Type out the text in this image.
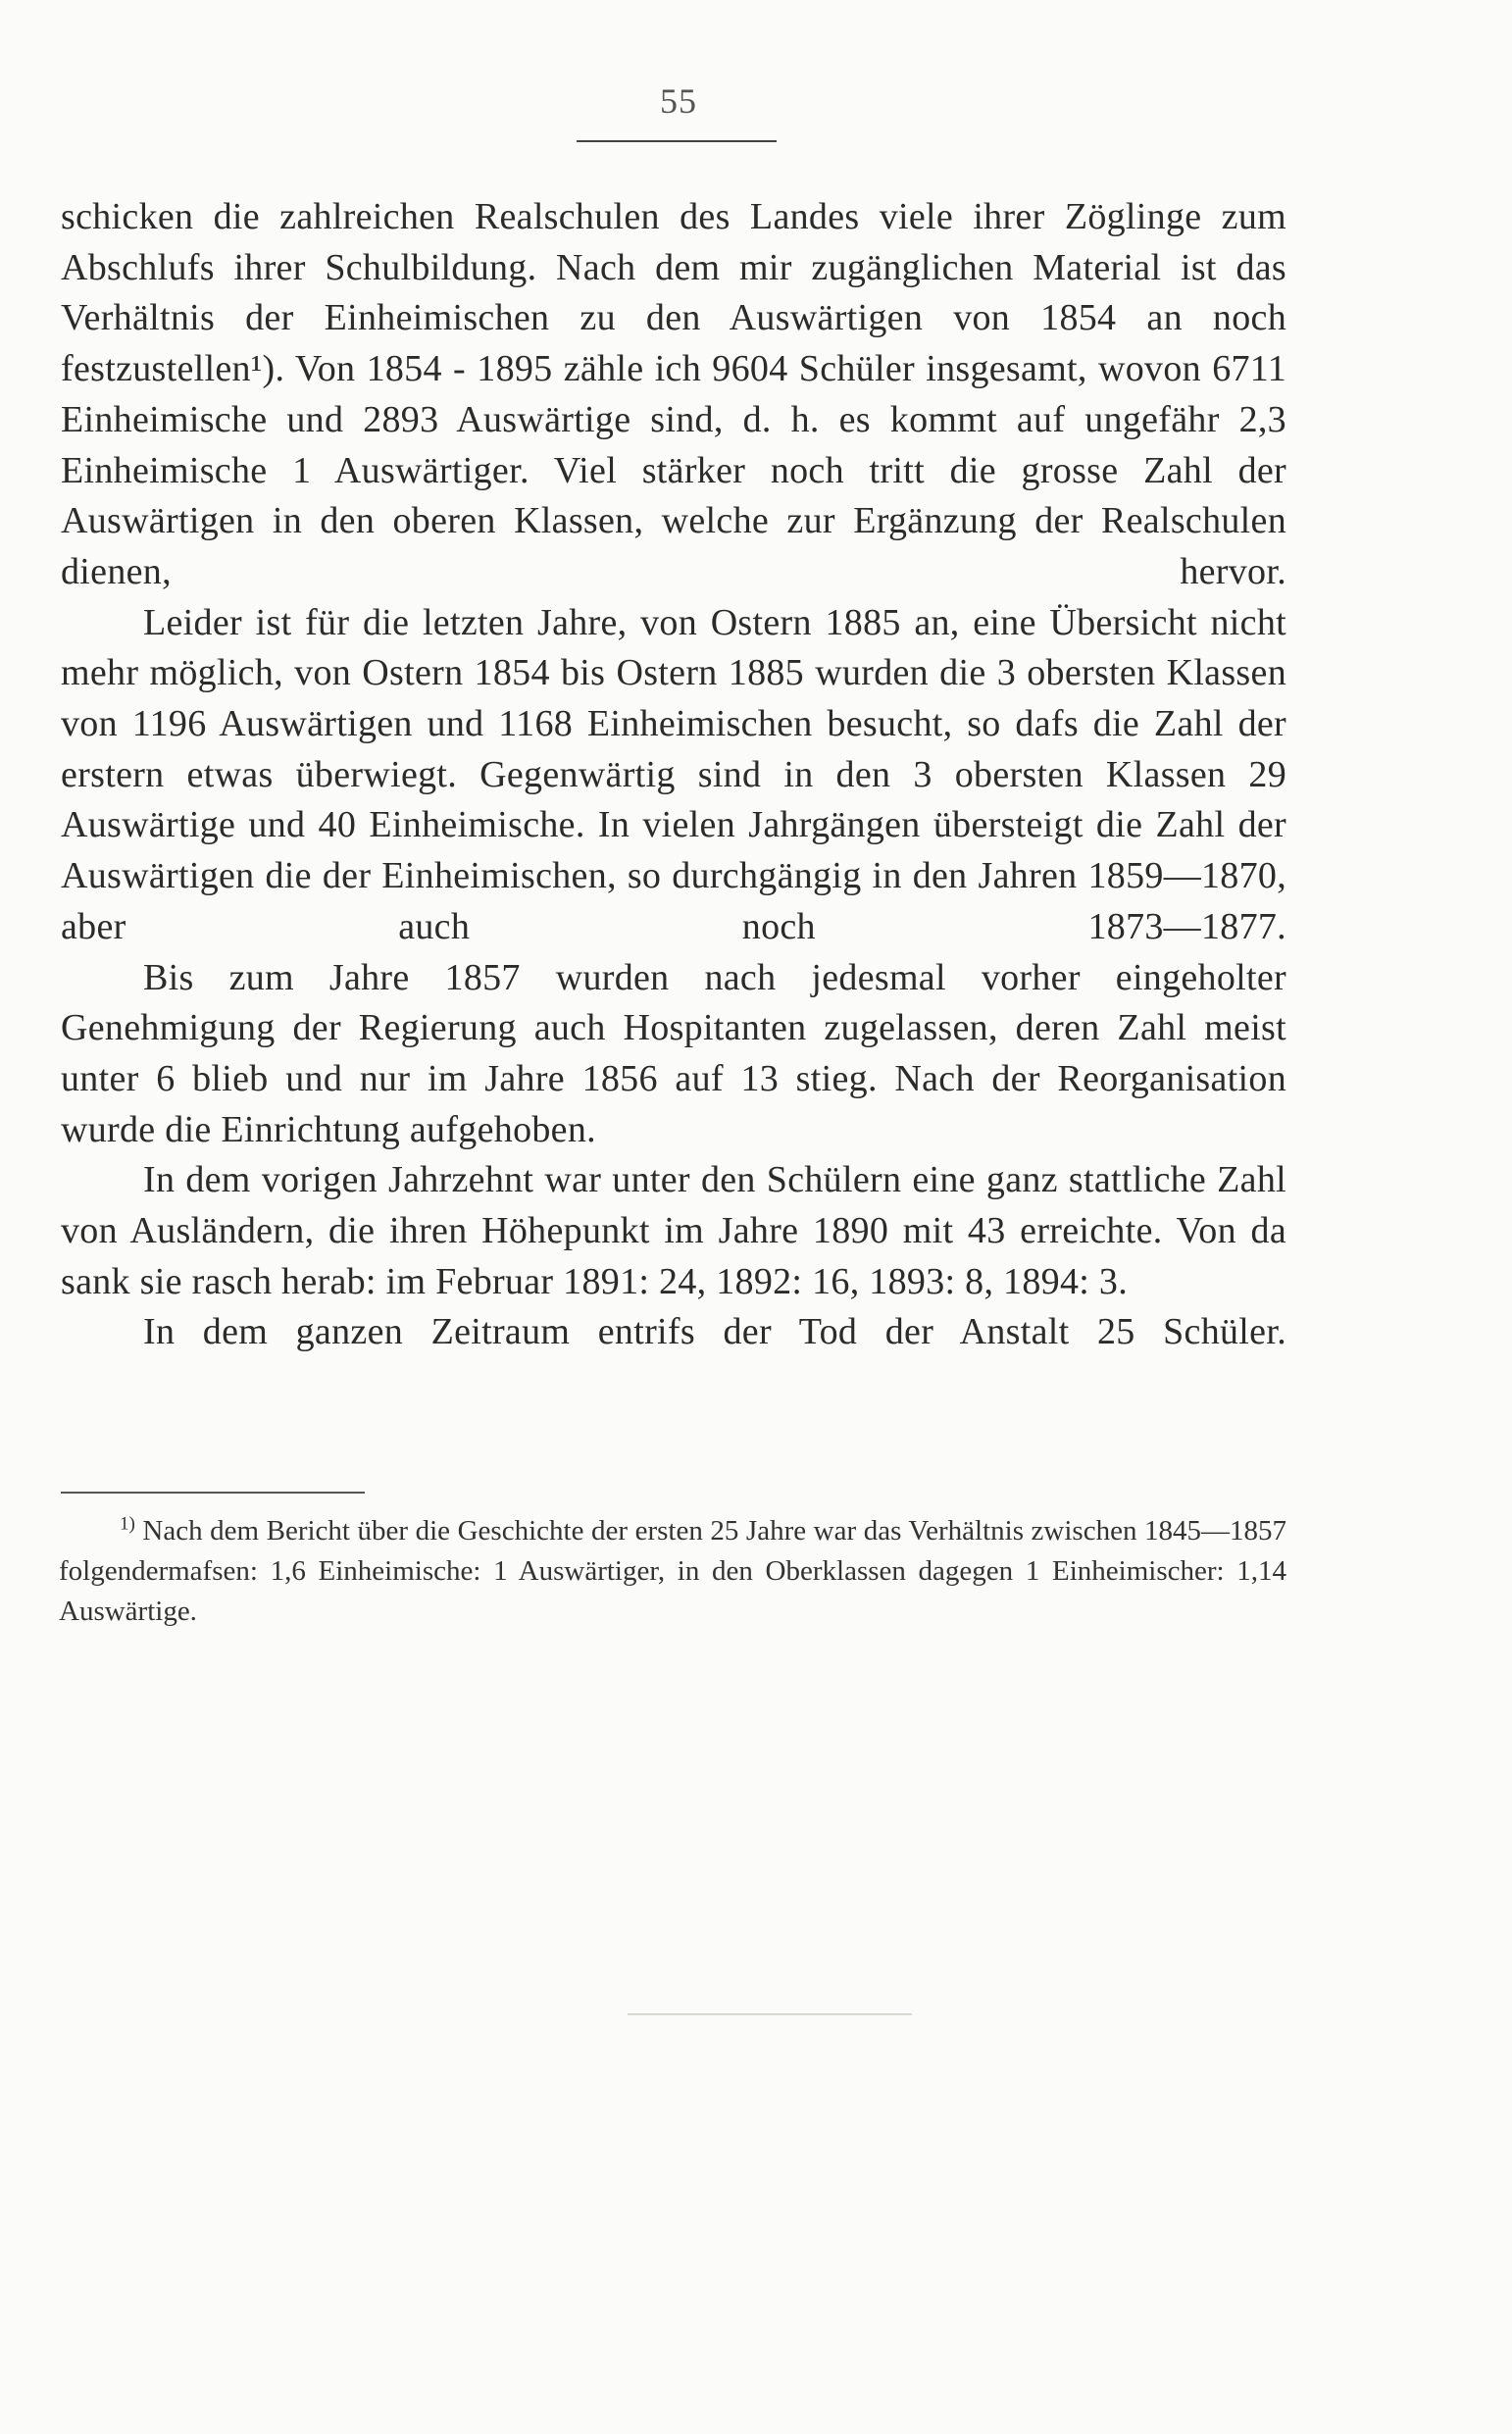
55

schicken die zahlreichen Realschulen des Landes viele ihrer Zöglinge zum Abschlufs ihrer Schulbildung. Nach dem mir zugänglichen Material ist das Verhältnis der Einheimischen zu den Auswärtigen von 1854 an noch festzustellen¹). Von 1854 - 1895 zähle ich 9604 Schüler insgesamt, wovon 6711 Einheimische und 2893 Auswärtige sind, d. h. es kommt auf ungefähr 2,3 Einheimische 1 Auswärtiger. Viel stärker noch tritt die grosse Zahl der Auswärtigen in den oberen Klassen, welche zur Ergänzung der Realschulen dienen, hervor.

Leider ist für die letzten Jahre, von Ostern 1885 an, eine Übersicht nicht mehr möglich, von Ostern 1854 bis Ostern 1885 wurden die 3 obersten Klassen von 1196 Auswärtigen und 1168 Einheimischen besucht, so dafs die Zahl der erstern etwas überwiegt. Gegenwärtig sind in den 3 obersten Klassen 29 Auswärtige und 40 Einheimische. In vielen Jahrgängen übersteigt die Zahl der Auswärtigen die der Einheimischen, so durchgängig in den Jahren 1859—1870, aber auch noch 1873—1877.

Bis zum Jahre 1857 wurden nach jedesmal vorher eingeholter Genehmigung der Regierung auch Hospitanten zugelassen, deren Zahl meist unter 6 blieb und nur im Jahre 1856 auf 13 stieg. Nach der Reorganisation wurde die Einrichtung aufgehoben.

In dem vorigen Jahrzehnt war unter den Schülern eine ganz stattliche Zahl von Ausländern, die ihren Höhepunkt im Jahre 1890 mit 43 erreichte. Von da sank sie rasch herab: im Februar 1891: 24, 1892: 16, 1893: 8, 1894: 3.

In dem ganzen Zeitraum entrifs der Tod der Anstalt 25 Schüler.

$^{1)}$ Nach dem Bericht über die Geschichte der ersten 25 Jahre war das Verhältnis zwischen 1845—1857 folgendermafsen: 1,6 Einheimische: 1 Auswärtiger, in den Oberklassen dagegen 1 Einheimischer: 1,14 Auswärtige.
